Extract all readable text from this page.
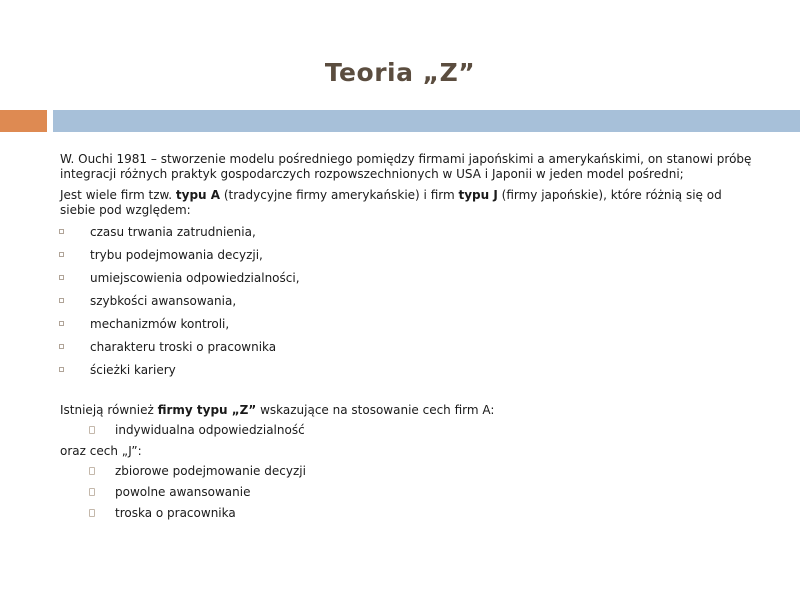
Teoria „Z”

W. Ouchi 1981 – stworzenie modelu pośredniego pomiędzy firmami japońskimi a amerykańskimi, on stanowi próbę integracji różnych praktyk gospodarczych rozpowszechnionych w USA i Japonii w jeden model pośredni;

Jest wiele firm tzw. typu A (tradycyjne firmy amerykańskie) i firm typu J (firmy japońskie), które różnią się od siebie pod względem:

czasu trwania zatrudnienia,
trybu podejmowania decyzji,
umiejscowienia odpowiedzialności,
szybkości awansowania,
mechanizmów kontroli,
charakteru troski o pracownika
ścieżki kariery

Istnieją również firmy typu „Z” wskazujące na stosowanie cech firm A:

indywidualna odpowiedzialność

oraz cech „J”:

zbiorowe podejmowanie decyzji
powolne awansowanie
troska o pracownika
